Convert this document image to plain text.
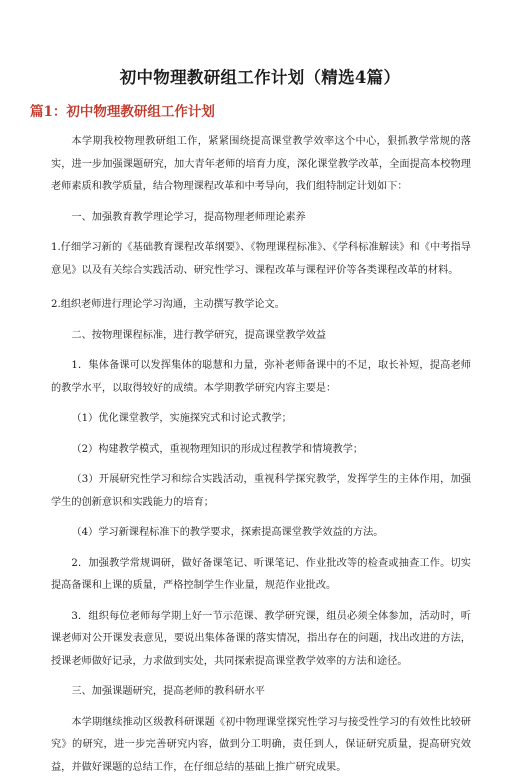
初中物理教研组工作计划（精选4篇）
篇1：初中物理教研组工作计划

本学期我校物理教研组工作，紧紧围绕提高课堂教学效率这个中心，狠抓教学常规的落实，进一步加强课题研究，加大青年老师的培育力度，深化课堂教学改革，全面提高本校物理老师素质和教学质量，结合物理课程改革和中考导向，我们组特制定计划如下：

一、加强教育教学理论学习，提高物理老师理论素养

1.仔细学习新的《基础教育课程改革纲要》、《物理课程标准》、《学科标准解读》和《中考指导意见》以及有关综合实践活动、研究性学习、课程改革与课程评价等各类课程改革的材料。

2.组织老师进行理论学习沟通，主动撰写教学论文。

二、按物理课程标准，进行教学研究，提高课堂教学效益

1．集体备课可以发挥集体的聪慧和力量，弥补老师备课中的不足，取长补短，提高老师的教学水平，以取得较好的成绩。本学期教学研究内容主要是：

（1）优化课堂教学，实施探究式和讨论式教学；

（2）构建教学模式，重视物理知识的形成过程教学和情境教学；

（3）开展研究性学习和综合实践活动，重视科学探究教学，发挥学生的主体作用，加强学生的创新意识和实践能力的培育；

（4）学习新课程标准下的教学要求，探索提高课堂教学效益的方法。

2．加强教学常规调研，做好备课笔记、听课笔记、作业批改等的检查或抽查工作。切实提高备课和上课的质量，严格控制学生作业量，规范作业批改。

3．组织每位老师每学期上好一节示范课、教学研究课，组员必须全体参加，活动时，听课老师对公开课发表意见，要说出集体备课的落实情况，指出存在的问题，找出改进的方法，授课老师做好记录，力求做到实处，共同探索提高课堂教学效率的方法和途径。

三、加强课题研究，提高老师的教科研水平

本学期继续推动区级教科研课题《初中物理课堂探究性学习与接受性学习的有效性比较研究》的研究，进一步完善研究内容，做到分工明确，责任到人，保证研究质量，提高研究效益，并做好课题的总结工作，在仔细总结的基础上推广研究成果。
